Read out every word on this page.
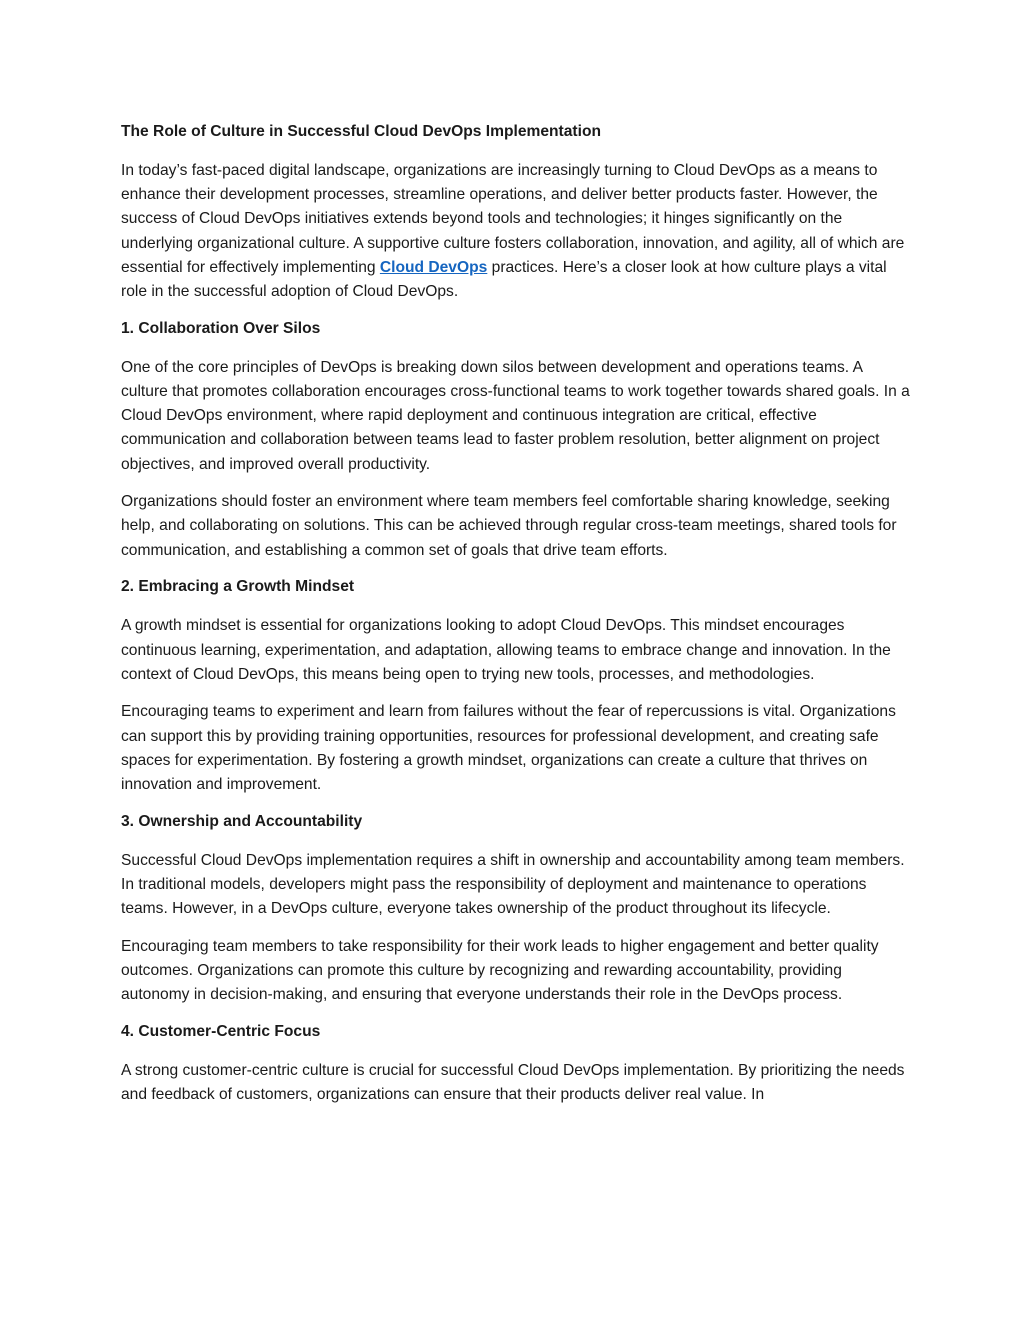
The Role of Culture in Successful Cloud DevOps Implementation

In today’s fast-paced digital landscape, organizations are increasingly turning to Cloud DevOps as a means to enhance their development processes, streamline operations, and deliver better products faster. However, the success of Cloud DevOps initiatives extends beyond tools and technologies; it hinges significantly on the underlying organizational culture. A supportive culture fosters collaboration, innovation, and agility, all of which are essential for effectively implementing Cloud DevOps practices. Here’s a closer look at how culture plays a vital role in the successful adoption of Cloud DevOps.

1. Collaboration Over Silos

One of the core principles of DevOps is breaking down silos between development and operations teams. A culture that promotes collaboration encourages cross-functional teams to work together towards shared goals. In a Cloud DevOps environment, where rapid deployment and continuous integration are critical, effective communication and collaboration between teams lead to faster problem resolution, better alignment on project objectives, and improved overall productivity.

Organizations should foster an environment where team members feel comfortable sharing knowledge, seeking help, and collaborating on solutions. This can be achieved through regular cross-team meetings, shared tools for communication, and establishing a common set of goals that drive team efforts.

2. Embracing a Growth Mindset

A growth mindset is essential for organizations looking to adopt Cloud DevOps. This mindset encourages continuous learning, experimentation, and adaptation, allowing teams to embrace change and innovation. In the context of Cloud DevOps, this means being open to trying new tools, processes, and methodologies.

Encouraging teams to experiment and learn from failures without the fear of repercussions is vital. Organizations can support this by providing training opportunities, resources for professional development, and creating safe spaces for experimentation. By fostering a growth mindset, organizations can create a culture that thrives on innovation and improvement.

3. Ownership and Accountability

Successful Cloud DevOps implementation requires a shift in ownership and accountability among team members. In traditional models, developers might pass the responsibility of deployment and maintenance to operations teams. However, in a DevOps culture, everyone takes ownership of the product throughout its lifecycle.

Encouraging team members to take responsibility for their work leads to higher engagement and better quality outcomes. Organizations can promote this culture by recognizing and rewarding accountability, providing autonomy in decision-making, and ensuring that everyone understands their role in the DevOps process.

4. Customer-Centric Focus

A strong customer-centric culture is crucial for successful Cloud DevOps implementation. By prioritizing the needs and feedback of customers, organizations can ensure that their products deliver real value. In
